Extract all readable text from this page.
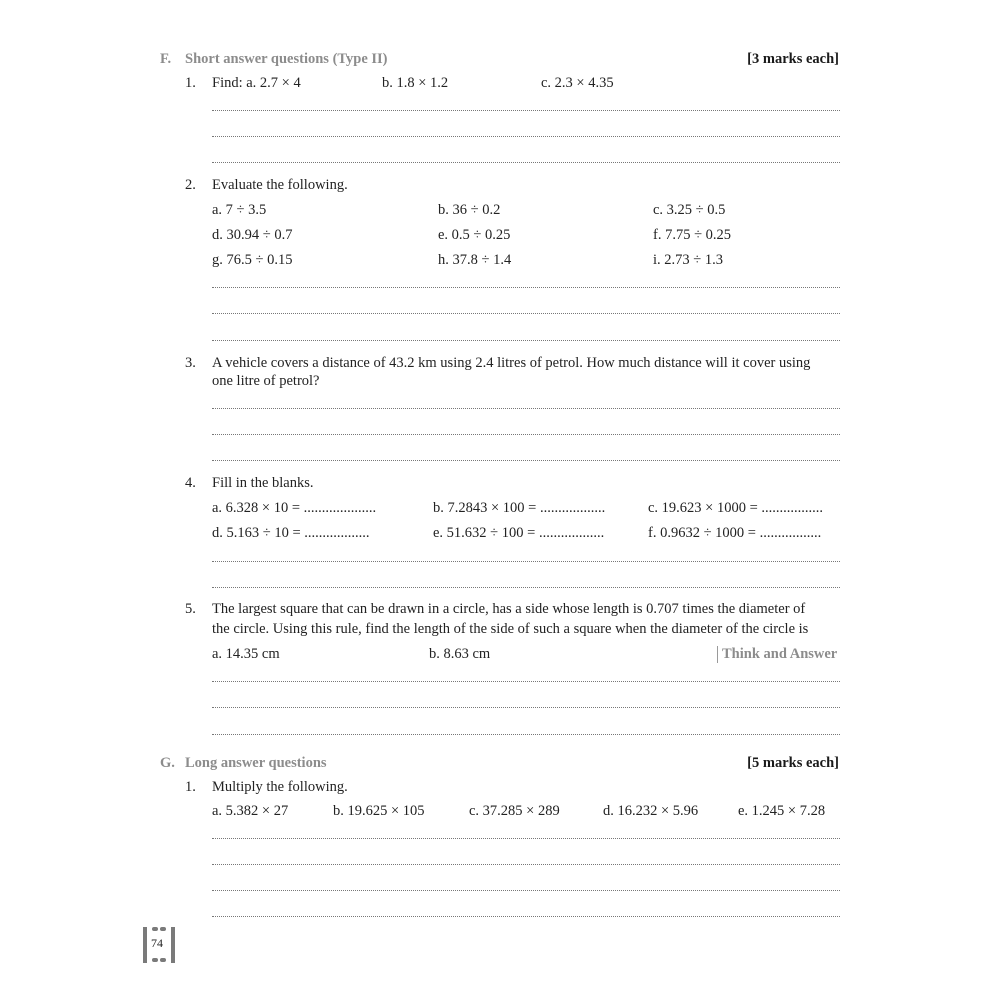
F. Short answer questions (Type II)	[3 marks each]
1. Find: a. 2.7 × 4	b. 1.8 × 1.2	c. 2.3 × 4.35
2. Evaluate the following.
a. 7 ÷ 3.5	b. 36 ÷ 0.2	c. 3.25 ÷ 0.5
d. 30.94 ÷ 0.7	e. 0.5 ÷ 0.25	f. 7.75 ÷ 0.25
g. 76.5 ÷ 0.15	h. 37.8 ÷ 1.4	i. 2.73 ÷ 1.3
3. A vehicle covers a distance of 43.2 km using 2.4 litres of petrol. How much distance will it cover using
one litre of petrol?
4. Fill in the blanks.
a. 6.328 × 10 = ....................	b. 7.2843 × 100 = ..................	c. 19.623 × 1000 = .................
d. 5.163 ÷ 10 = ..................	e. 51.632 ÷ 100 = ..................	f. 0.9632 ÷ 1000 = .................
5. The largest square that can be drawn in a circle, has a side whose length is 0.707 times the diameter of
the circle. Using this rule, find the length of the side of such a square when the diameter of the circle is
a. 14.35 cm	b. 8.63 cm	Think and Answer
G. Long answer questions	[5 marks each]
1. Multiply the following.
a. 5.382 × 27	b. 19.625 × 105	c. 37.285 × 289	d. 16.232 × 5.96	e. 1.245 × 7.28
74
